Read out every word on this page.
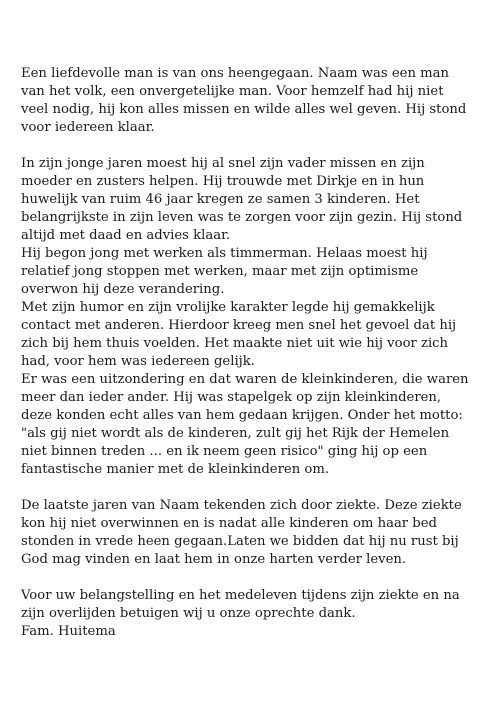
Een liefdevolle man is van ons heengegaan. Naam was een man van het volk, een onvergetelijke man. Voor hemzelf had hij niet veel nodig, hij kon alles missen en wilde alles wel geven. Hij stond voor iedereen klaar.

In zijn jonge jaren moest hij al snel zijn vader missen en zijn moeder en zusters helpen. Hij trouwde met Dirkje en in hun huwelijk van ruim 46 jaar kregen ze samen 3 kinderen. Het belangrijkste in zijn leven was te zorgen voor zijn gezin. Hij stond altijd met daad en advies klaar.

Hij begon jong met werken als timmerman. Helaas moest hij relatief jong stoppen met werken, maar met zijn optimisme overwon hij deze verandering.

Met zijn humor en zijn vrolijke karakter legde hij gemakkelijk contact met anderen. Hierdoor kreeg men snel het gevoel dat hij zich bij hem thuis voelden. Het maakte niet uit wie hij voor zich had, voor hem was iedereen gelijk.

Er was een uitzondering en dat waren de kleinkinderen, die waren meer dan ieder ander. Hij was stapelgek op zijn kleinkinderen, deze konden echt alles van hem gedaan krijgen. Onder het motto: "als gij niet wordt als de kinderen, zult gij het Rijk der Hemelen niet binnen treden ... en ik neem geen risico" ging hij op een fantastische manier met de kleinkinderen om.

De laatste jaren van Naam tekenden zich door ziekte. Deze ziekte kon hij niet overwinnen en is nadat alle kinderen om haar bed stonden in vrede heen gegaan.Laten we bidden dat hij nu rust bij God mag vinden en laat hem in onze harten verder leven.

Voor uw belangstelling en het medeleven tijdens zijn ziekte en na zijn overlijden betuigen wij u onze oprechte dank.

Fam. Huitema
